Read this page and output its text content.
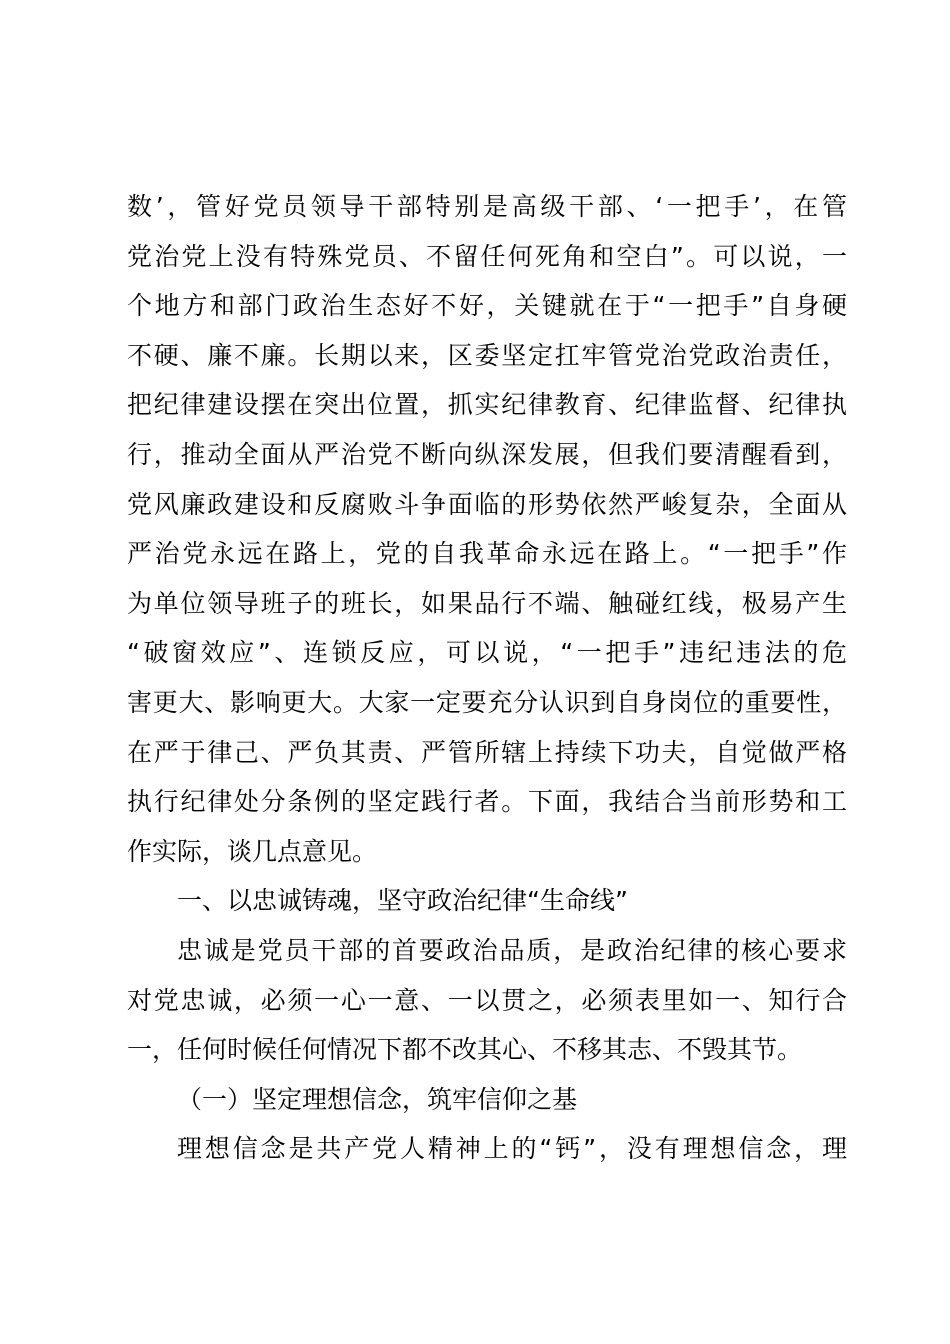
数’，管好党员领导干部特别是高级干部、‘一把手’，在管
党治党上没有特殊党员、不留任何死角和空白”。可以说，一
个地方和部门政治生态好不好，关键就在于“一把手”自身硬
不硬、廉不廉。长期以来，区委坚定扛牢管党治党政治责任，
把纪律建设摆在突出位置，抓实纪律教育、纪律监督、纪律执
行，推动全面从严治党不断向纵深发展，但我们要清醒看到，
党风廉政建设和反腐败斗争面临的形势依然严峻复杂，全面从
严治党永远在路上，党的自我革命永远在路上。“一把手”作
为单位领导班子的班长，如果品行不端、触碰红线，极易产生
“破窗效应”、连锁反应，可以说，“一把手”违纪违法的危
害更大、影响更大。大家一定要充分认识到自身岗位的重要性，
在严于律己、严负其责、严管所辖上持续下功夫，自觉做严格
执行纪律处分条例的坚定践行者。下面，我结合当前形势和工
作实际，谈几点意见。
一、以忠诚铸魂，坚守政治纪律“生命线”
忠诚是党员干部的首要政治品质，是政治纪律的核心要求
对党忠诚，必须一心一意、一以贯之，必须表里如一、知行合
一，任何时候任何情况下都不改其心、不移其志、不毁其节。
（一）坚定理想信念，筑牢信仰之基
理想信念是共产党人精神上的“钙”，没有理想信念，理
